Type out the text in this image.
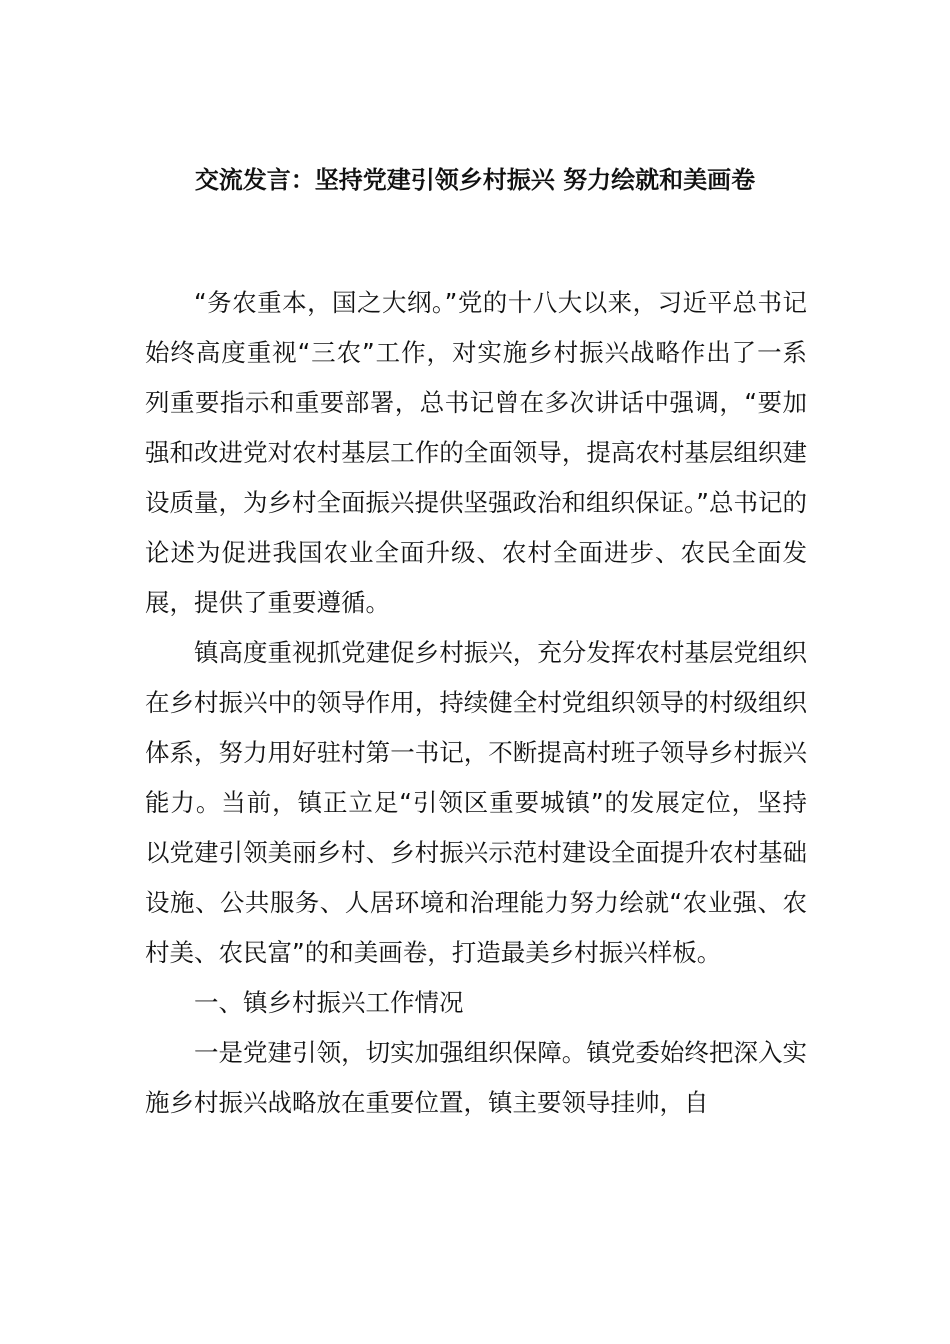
交流发言：坚持党建引领乡村振兴 努力绘就和美画卷

“务农重本，国之大纲。”党的十八大以来，习近平总书记始终高度重视“三农”工作，对实施乡村振兴战略作出了一系列重要指示和重要部署，总书记曾在多次讲话中强调，“要加强和改进党对农村基层工作的全面领导，提高农村基层组织建设质量，为乡村全面振兴提供坚强政治和组织保证。”总书记的论述为促进我国农业全面升级、农村全面进步、农民全面发展，提供了重要遵循。

镇高度重视抓党建促乡村振兴，充分发挥农村基层党组织在乡村振兴中的领导作用，持续健全村党组织领导的村级组织体系，努力用好驻村第一书记，不断提高村班子领导乡村振兴能力。当前，镇正立足“引领区重要城镇”的发展定位，坚持以党建引领美丽乡村、乡村振兴示范村建设全面提升农村基础设施、公共服务、人居环境和治理能力努力绘就“农业强、农村美、农民富”的和美画卷，打造最美乡村振兴样板。

一、镇乡村振兴工作情况

一是党建引领，切实加强组织保障。镇党委始终把深入实施乡村振兴战略放在重要位置，镇主要领导挂帅，自
